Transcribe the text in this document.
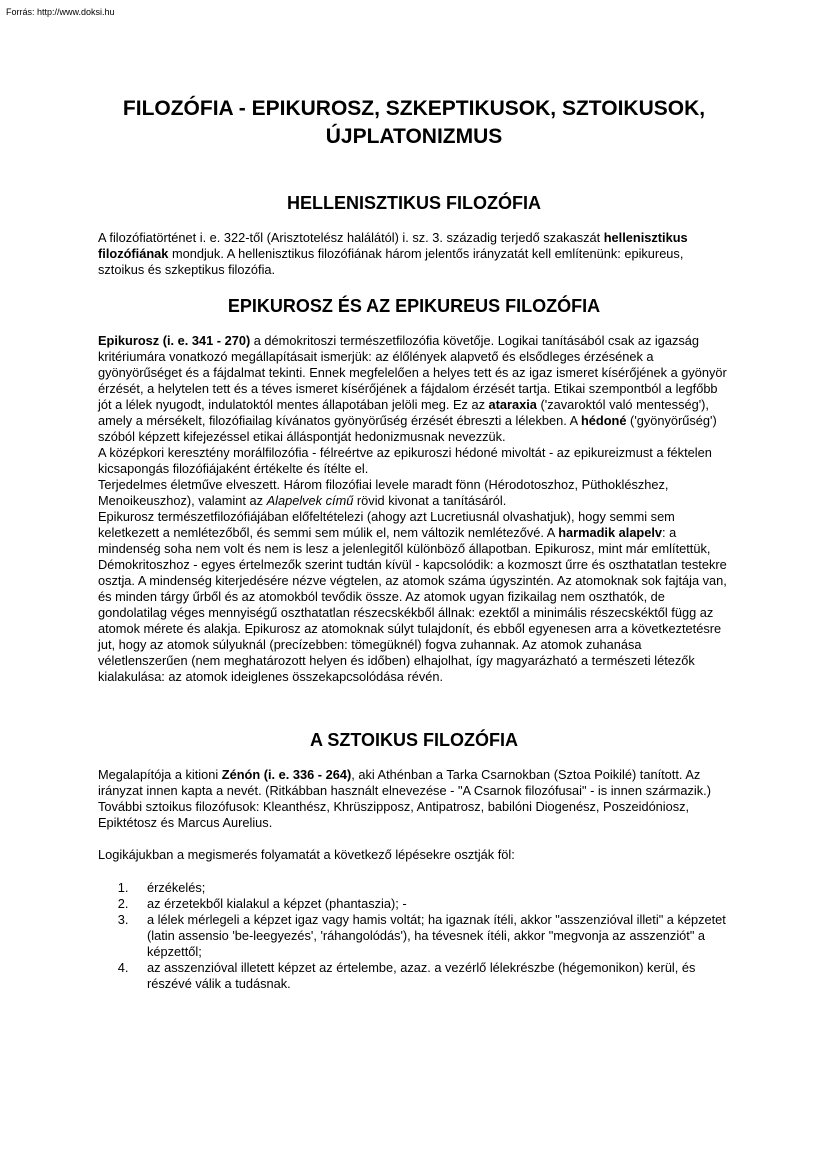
Forrás: http://www.doksi.hu
FILOZÓFIA - EPIKUROSZ, SZKEPTIKUSOK, SZTOIKUSOK,
ÚJPLATONIZMUS
HELLENISZTIKUS FILOZÓFIA

A filozófiatörténet i. e. 322-től (Arisztotelész halálától) i. sz. 3. századig terjedő szakaszát hellenisztikus filozófiának mondjuk. A hellenisztikus filozófiának három jelentős irányzatát kell említenünk: epikureus, sztoikus és szkeptikus filozófia.

EPIKUROSZ ÉS AZ EPIKUREUS FILOZÓFIA

Epikurosz (i. e. 341 - 270) a démokritoszi természetfilozófia követője. Logikai tanításából csak az igazság kritériumára vonatkozó megállapításait ismerjük: az élőlények alapvető és elsődleges érzésének a gyönyörűséget és a fájdalmat tekinti. Ennek megfelelően a helyes tett és az igaz ismeret kísérőjének a gyönyör érzését, a helytelen tett és a téves ismeret kísérőjének a fájdalom érzését tartja. Etikai szempontból a legfőbb jót a lélek nyugodt, indulatoktól mentes állapotában jelöli meg. Ez az ataraxia ('zavaroktól való mentesség'), amely a mérsékelt, filozófiailag kívánatos gyönyörűség érzését ébreszti a lélekben. A hédoné ('gyönyörűség') szóból képzett kifejezéssel etikai álláspontját hedonizmusnak nevezzük.

A középkori keresztény morálfilozófia - félreértve az epikuroszi hédoné mivoltát - az epikureizmust a féktelen kicsapongás filozófiájaként értékelte és ítélte el.

Terjedelmes életműve elveszett. Három filozófiai levele maradt fönn (Hérodotoszhoz, Püthoklészhez, Menoikeuszhoz), valamint az Alapelvek című rövid kivonat a tanításáról.

Epikurosz természetfilozófiájában előfeltételezi (ahogy azt Lucretiusnál olvashatjuk), hogy semmi sem keletkezett a nemlétezőből, és semmi sem múlik el, nem változik nemlétezővé. A harmadik alapelv: a mindenség soha nem volt és nem is lesz a jelenlegitől különböző állapotban. Epikurosz, mint már említettük, Démokritoszhoz - egyes értelmezők szerint tudtán kívül - kapcsolódik: a kozmoszt űrre és oszthatatlan testekre osztja. A mindenség kiterjedésére nézve végtelen, az atomok száma úgyszintén. Az atomoknak sok fajtája van, és minden tárgy űrből és az atomokból tevődik össze. Az atomok ugyan fizikailag nem oszthatók, de gondolatilag véges mennyiségű oszthatatlan részecskékből állnak: ezektől a minimális részecskéktől függ az atomok mérete és alakja. Epikurosz az atomoknak súlyt tulajdonít, és ebből egyenesen arra a következtetésre jut, hogy az atomok súlyuknál (precízebben: tömegüknél) fogva zuhannak. Az atomok zuhanása véletlenszerűen (nem meghatározott helyen és időben) elhajolhat, így magyarázható a természeti létezők kialakulása: az atomok ideiglenes összekapcsolódása révén.

A SZTOIKUS FILOZÓFIA

Megalapítója a kitioni Zénón (i. e. 336 - 264), aki Athénban a Tarka Csarnokban (Sztoa Poikilé) tanított. Az irányzat innen kapta a nevét. (Ritkábban használt elnevezése - "A Csarnok filozófusai" - is innen származik.) További sztoikus filozófusok: Kleanthész, Khrüszipposz, Antipatrosz, babilóni Diogenész, Poszeidóniosz, Epiktétosz és Marcus Aurelius.

Logikájukban a megismerés folyamatát a következő lépésekre osztják föl:

1. érzékelés;
2. az érzetekből kialakul a képzet (phantaszia); -
3. a lélek mérlegeli a képzet igaz vagy hamis voltát; ha igaznak ítéli, akkor "asszenzióval illeti" a képzetet (latin assensio 'be-leegyezés', 'ráhangolódás'), ha tévesnek ítéli, akkor "megvonja az asszenziót" a képzettől;
4. az asszenzióval illetett képzet az értelembe, azaz. a vezérlő lélekrészbe (hégemonikon) kerül, és részévé válik a tudásnak.
